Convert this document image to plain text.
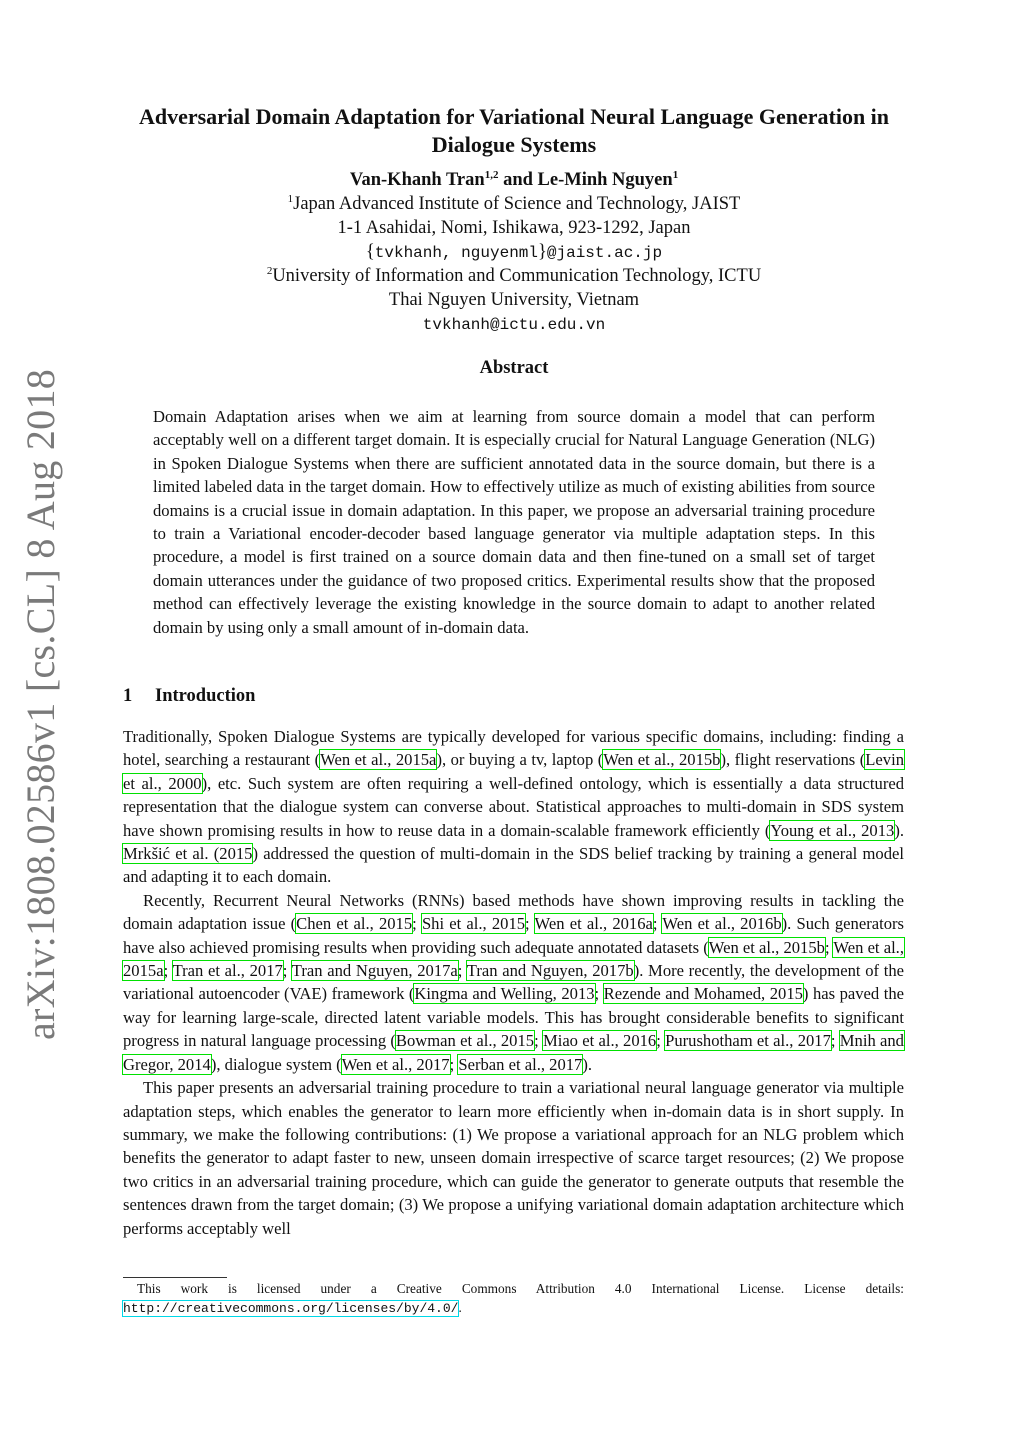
arXiv:1808.02586v1 [cs.CL] 8 Aug 2018
Adversarial Domain Adaptation for Variational Neural Language Generation in Dialogue Systems
Van-Khanh Tran$^{1,2}$ and Le-Minh Nguyen$^1$
$^1$Japan Advanced Institute of Science and Technology, JAIST
1-1 Asahidai, Nomi, Ishikawa, 923-1292, Japan
{tvkhanh, nguyenml}@jaist.ac.jp
$^2$University of Information and Communication Technology, ICTU
Thai Nguyen University, Vietnam
tvkhanh@ictu.edu.vn
Abstract

Domain Adaptation arises when we aim at learning from source domain a model that can perform acceptably well on a different target domain. It is especially crucial for Natural Language Generation (NLG) in Spoken Dialogue Systems when there are sufficient annotated data in the source domain, but there is a limited labeled data in the target domain. How to effectively utilize as much of existing abilities from source domains is a crucial issue in domain adaptation. In this paper, we propose an adversarial training procedure to train a Variational encoder-decoder based language generator via multiple adaptation steps. In this procedure, a model is first trained on a source domain data and then fine-tuned on a small set of target domain utterances under the guidance of two proposed critics. Experimental results show that the proposed method can effectively leverage the existing knowledge in the source domain to adapt to another related domain by using only a small amount of in-domain data.

1 Introduction

Traditionally, Spoken Dialogue Systems are typically developed for various specific domains, including: finding a hotel, searching a restaurant (Wen et al., 2015a), or buying a tv, laptop (Wen et al., 2015b), flight reservations (Levin et al., 2000), etc. Such system are often requiring a well-defined ontology, which is essentially a data structured representation that the dialogue system can converse about. Statistical approaches to multi-domain in SDS system have shown promising results in how to reuse data in a domain-scalable framework efficiently (Young et al., 2013). Mrkšić et al. (2015) addressed the question of multi-domain in the SDS belief tracking by training a general model and adapting it to each domain.

Recently, Recurrent Neural Networks (RNNs) based methods have shown improving results in tackling the domain adaptation issue (Chen et al., 2015; Shi et al., 2015; Wen et al., 2016a; Wen et al., 2016b). Such generators have also achieved promising results when providing such adequate annotated datasets (Wen et al., 2015b; Wen et al., 2015a; Tran et al., 2017; Tran and Nguyen, 2017a; Tran and Nguyen, 2017b). More recently, the development of the variational autoencoder (VAE) framework (Kingma and Welling, 2013; Rezende and Mohamed, 2015) has paved the way for learning large-scale, directed latent variable models. This has brought considerable benefits to significant progress in natural language processing (Bowman et al., 2015; Miao et al., 2016; Purushotham et al., 2017; Mnih and Gregor, 2014), dialogue system (Wen et al., 2017; Serban et al., 2017).

This paper presents an adversarial training procedure to train a variational neural language generator via multiple adaptation steps, which enables the generator to learn more efficiently when in-domain data is in short supply. In summary, we make the following contributions: (1) We propose a variational approach for an NLG problem which benefits the generator to adapt faster to new, unseen domain irrespective of scarce target resources; (2) We propose two critics in an adversarial training procedure, which can guide the generator to generate outputs that resemble the sentences drawn from the target domain; (3) We propose a unifying variational domain adaptation architecture which performs acceptably well

This work is licensed under a Creative Commons Attribution 4.0 International License. License details: http://creativecommons.org/licenses/by/4.0/.
